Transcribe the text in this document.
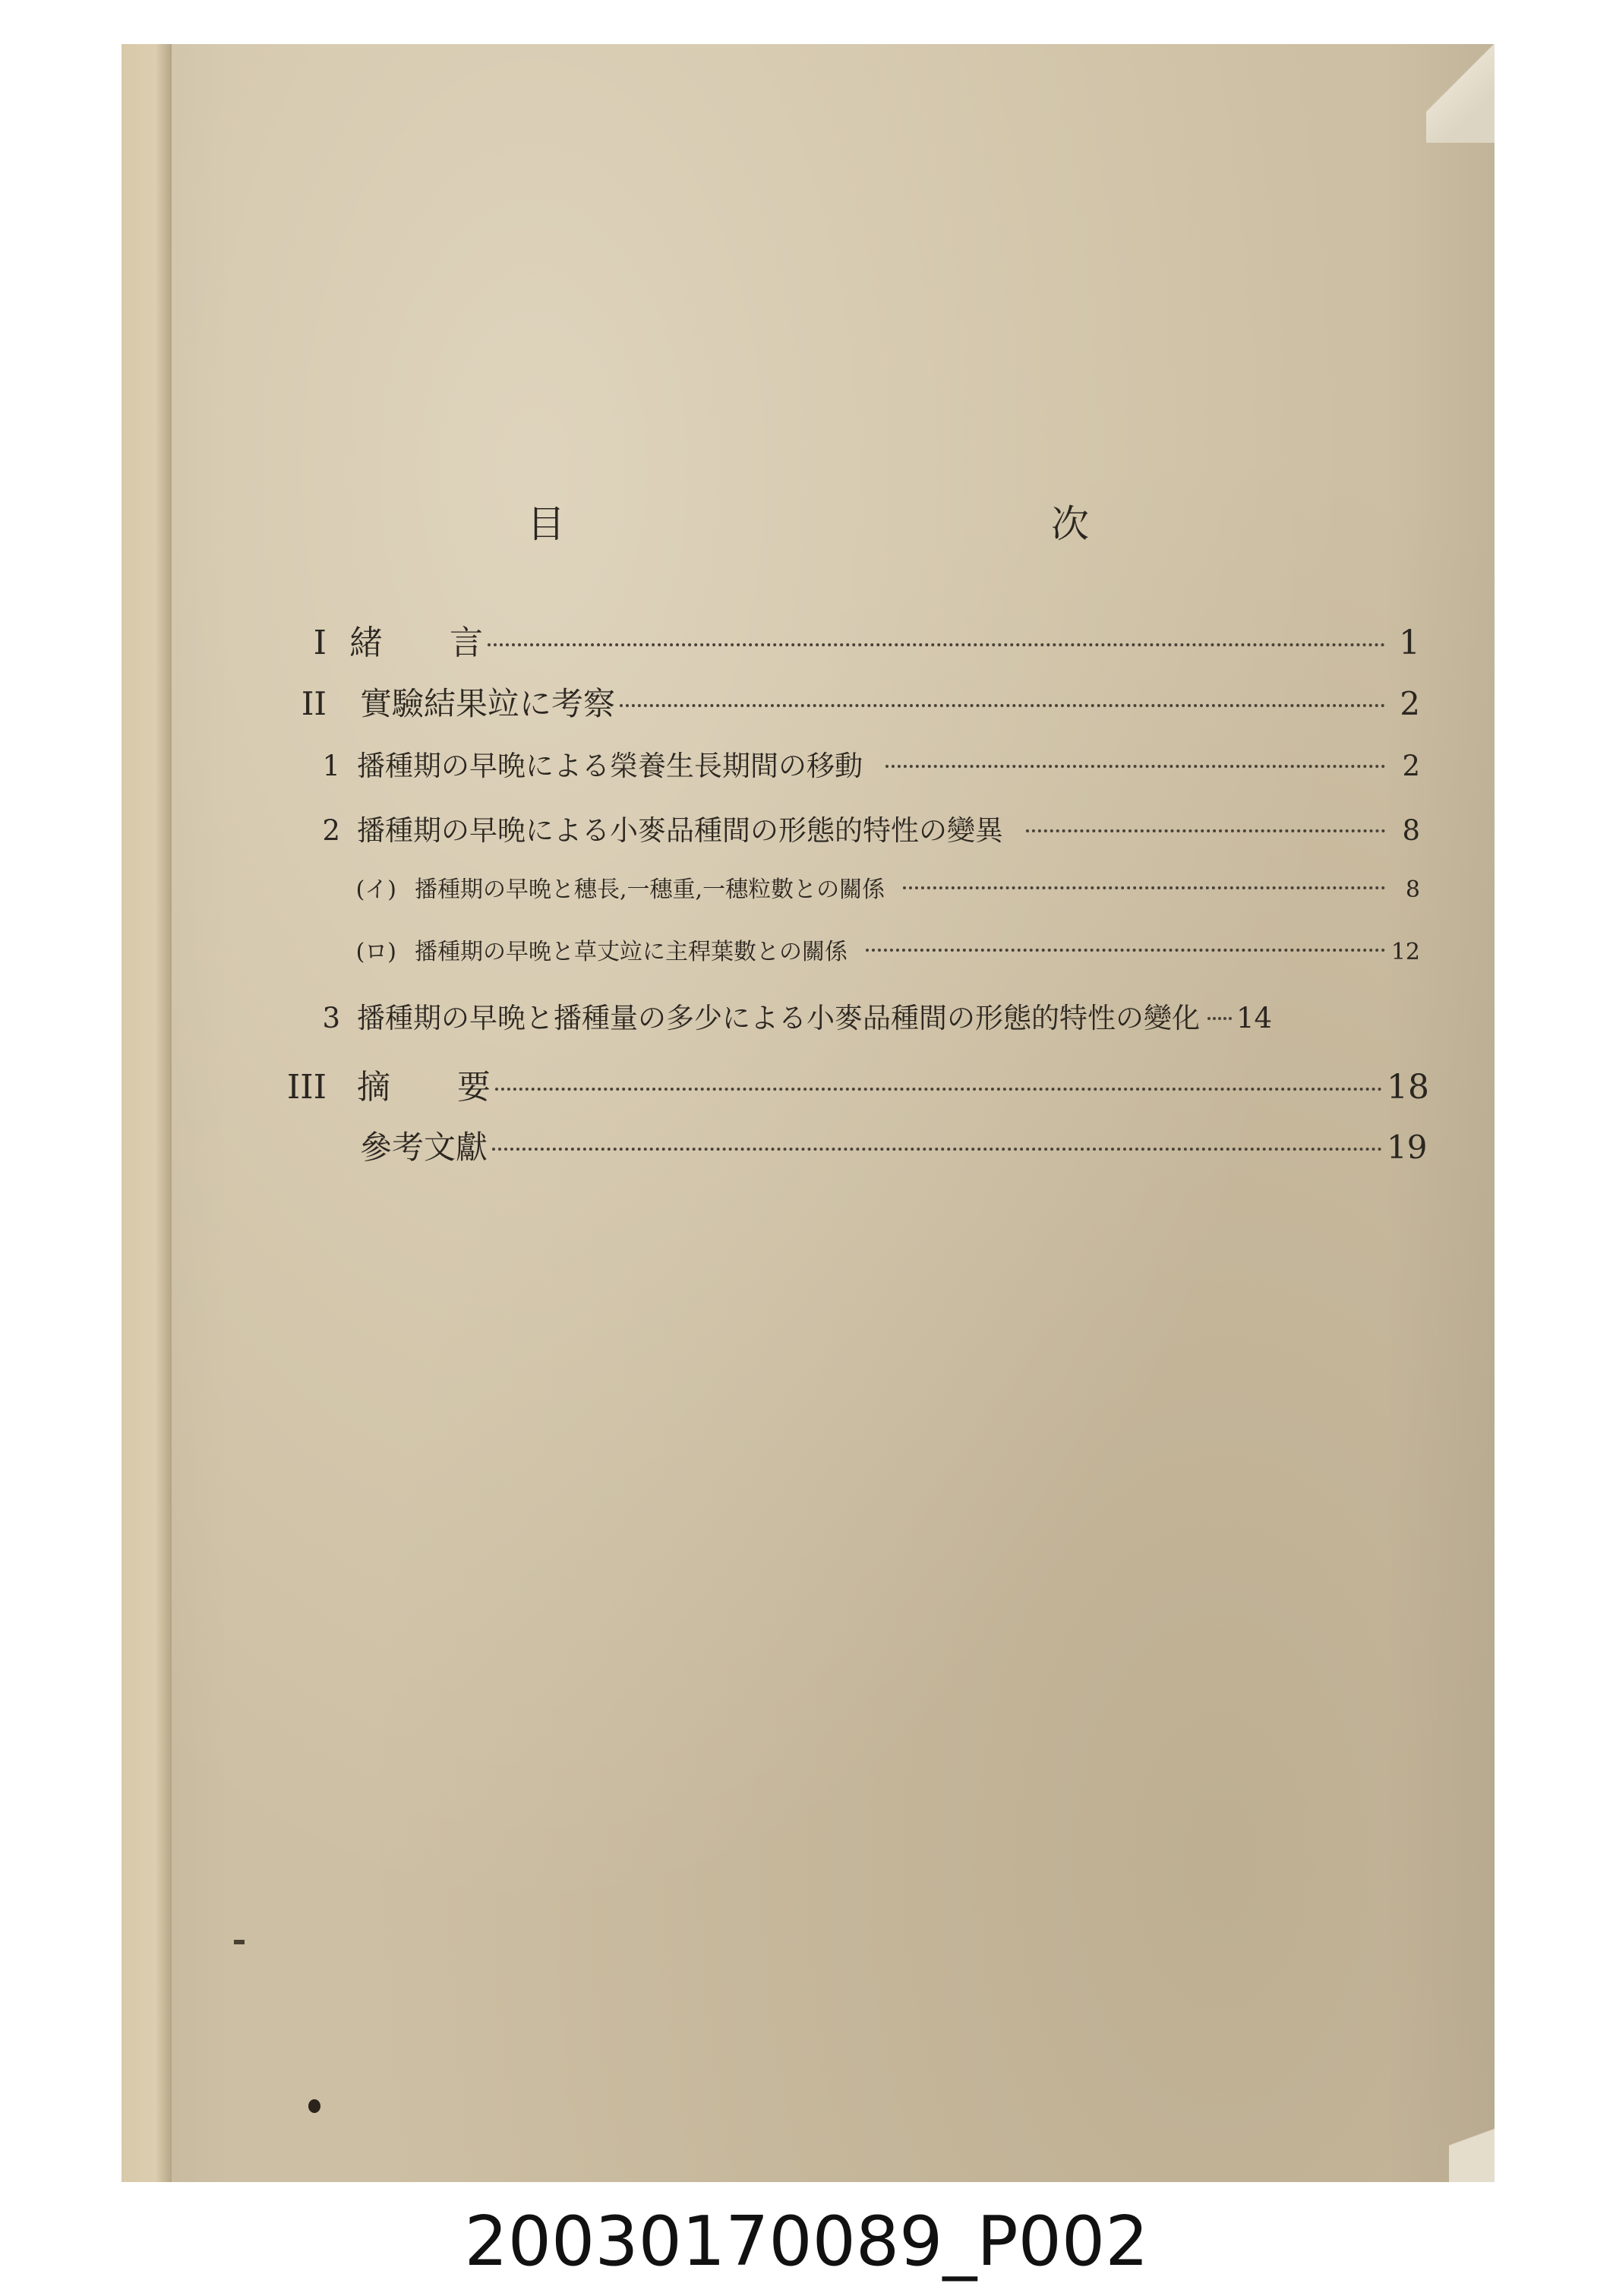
目　　次
I 緒　　言	1
II 實驗結果竝に考察	2
1 播種期の早晩による榮養生長期間の移動	2
2 播種期の早晩による小麥品種間の形態的特性の變異	8
(イ) 播種期の早晩と穗長,一穗重,一穗粒數との關係	8
(ロ) 播種期の早晩と草丈竝に主稈葉數との關係	12
3 播種期の早晩と播種量の多少による小麥品種間の形態的特性の變化 14
III 摘　　要	18
參考文獻	19
20030170089_P002
